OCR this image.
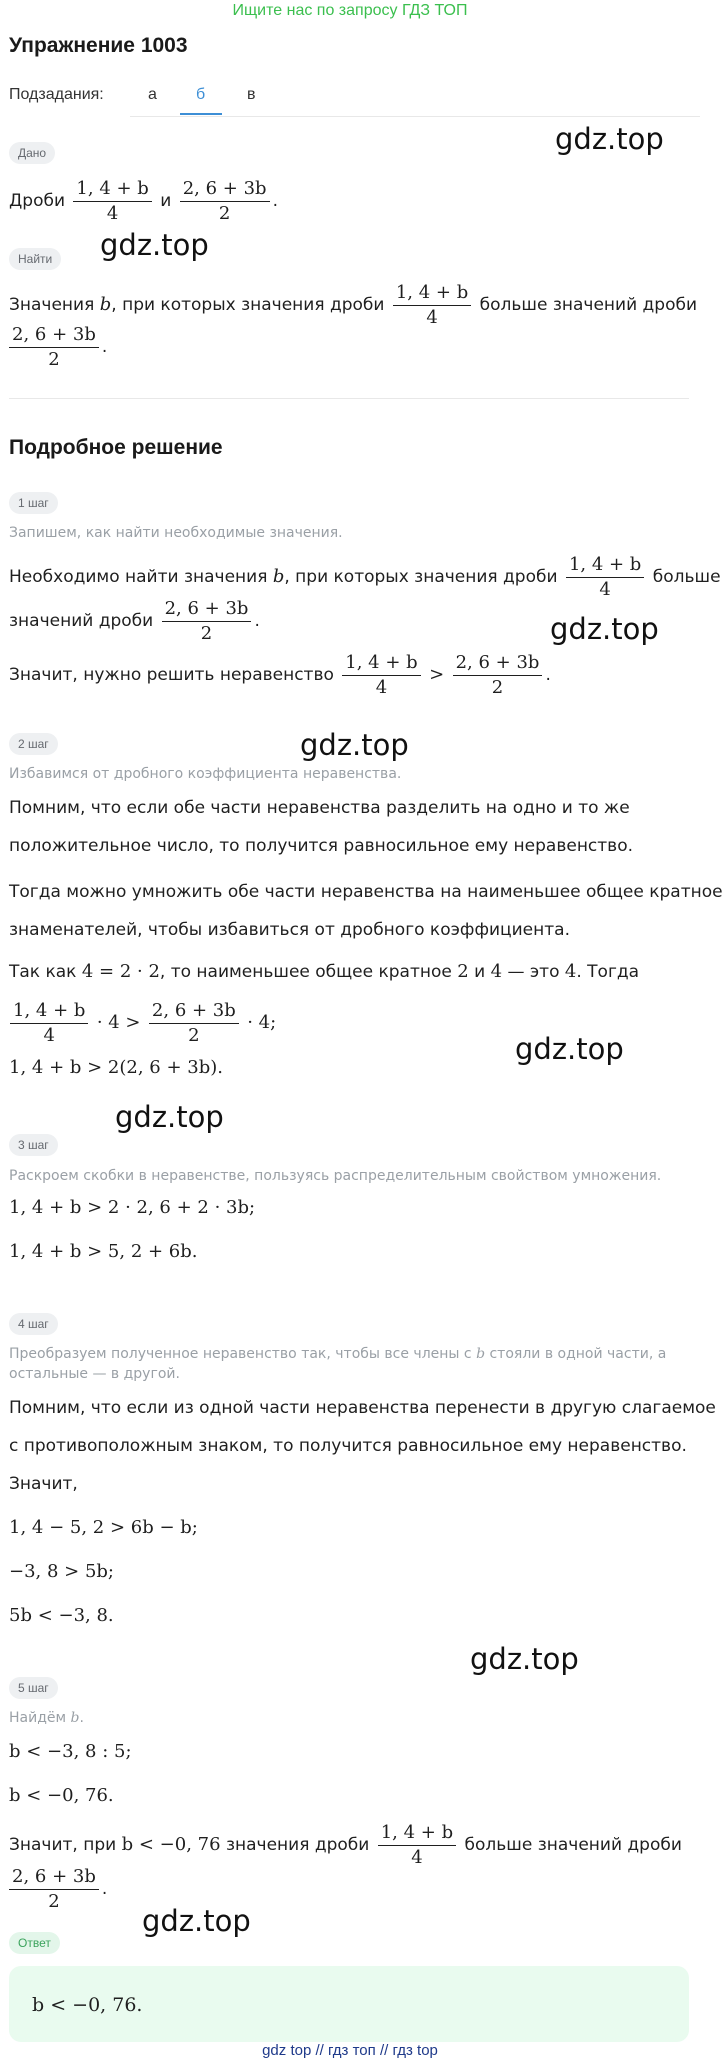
Ищите нас по запросу ГДЗ ТОП
Упражнение 1003
Подзадания:	а б	в
Дано
Дроби $\frac{1, 4 + b}{4}$ и $\frac{2, 6 + 3b}{2}$ .
Найти
Значения b, при которых значения дроби $\frac{1, 4 + b}{4}$ больше значений дроби
$\frac{2, 6 + 3b}{2}$ .
Подробное решение
1 шаг
Запишем, как найти необходимые значения.
Необходимо найти значения b, при которых значения дроби $\frac{1, 4 + b}{4}$ больше
значений дроби $\frac{2, 6 + 3b}{2}$ .
Значит, нужно решить неравенство $\frac{1, 4 + b}{4} > \frac{2, 6 + 3b}{2}$ .
2 шаг
Избавимся от дробного коэффициента неравенства.
Помним, что если обе части неравенства разделить на одно и то же
положительное число, то получится равносильное ему неравенство.
Тогда можно умножить обе части неравенства на наименьшее общее кратное
знаменателей, чтобы избавиться от дробного коэффициента.
Так как 4 = 2 · 2, то наименьшее общее кратное 2 и 4 — это 4. Тогда
$\frac{1, 4 + b}{4} \cdot 4 > \frac{2, 6 + 3b}{2} \cdot 4$;
1, 4 + b > 2(2, 6 + 3b).
3 шаг
Раскроем скобки в неравенстве, пользуясь распределительным свойством умножения.
1, 4 + b > 2 · 2, 6 + 2 · 3b;
1, 4 + b > 5, 2 + 6b.
4 шаг
Преобразуем полученное неравенство так, чтобы все члены с b стояли в одной части, а
остальные — в другой.
Помним, что если из одной части неравенства перенести в другую слагаемое
с противоположным знаком, то получится равносильное ему неравенство.
Значит,
1, 4 − 5, 2 > 6b − b;
−3, 8 > 5b;
5b < −3, 8.
5 шаг
Найдём b.
b < −3, 8 : 5;
b < −0, 76.
Значит, при b < −0, 76 значения дроби $\frac{1, 4 + b}{4}$ больше значений дроби
$\frac{2, 6 + 3b}{2}$ .
Ответ
b < −0, 76.
gdz top // гдз топ // гдз top
gdz.top
gdz.top
gdz.top
gdz.top
gdz.top
gdz.top
gdz.top
gdz.top
